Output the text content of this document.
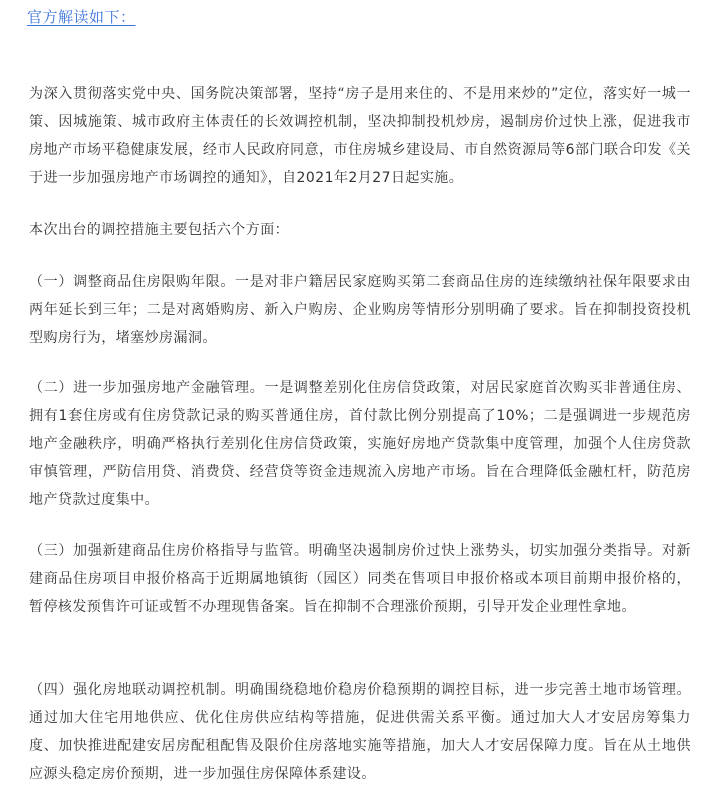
官方解读如下：

为深入贯彻落实党中央、国务院决策部署，坚持“房子是用来住的、不是用来炒的”定位，落实好一城一策、因城施策、城市政府主体责任的长效调控机制，坚决抑制投机炒房，遏制房价过快上涨，促进我市房地产市场平稳健康发展，经市人民政府同意，市住房城乡建设局、市自然资源局等6部门联合印发《关于进一步加强房地产市场调控的通知》，自2021年2月27日起实施。

本次出台的调控措施主要包括六个方面：

（一）调整商品住房限购年限。一是对非户籍居民家庭购买第二套商品住房的连续缴纳社保年限要求由两年延长到三年；二是对离婚购房、新入户购房、企业购房等情形分别明确了要求。旨在抑制投资投机型购房行为，堵塞炒房漏洞。

（二）进一步加强房地产金融管理。一是调整差别化住房信贷政策，对居民家庭首次购买非普通住房、拥有1套住房或有住房贷款记录的购买普通住房，首付款比例分别提高了10%；二是强调进一步规范房地产金融秩序，明确严格执行差别化住房信贷政策，实施好房地产贷款集中度管理，加强个人住房贷款审慎管理，严防信用贷、消费贷、经营贷等资金违规流入房地产市场。旨在合理降低金融杠杆，防范房地产贷款过度集中。

（三）加强新建商品住房价格指导与监管。明确坚决遏制房价过快上涨势头，切实加强分类指导。对新建商品住房项目申报价格高于近期属地镇街（园区）同类在售项目申报价格或本项目前期申报价格的，暂停核发预售许可证或暂不办理现售备案。旨在抑制不合理涨价预期，引导开发企业理性拿地。

（四）强化房地联动调控机制。明确围绕稳地价稳房价稳预期的调控目标，进一步完善土地市场管理。通过加大住宅用地供应、优化住房供应结构等措施，促进供需关系平衡。通过加大人才安居房筹集力度、加快推进配建安居房配租配售及限价住房落地实施等措施，加大人才安居保障力度。旨在从土地供应源头稳定房价预期，进一步加强住房保障体系建设。
